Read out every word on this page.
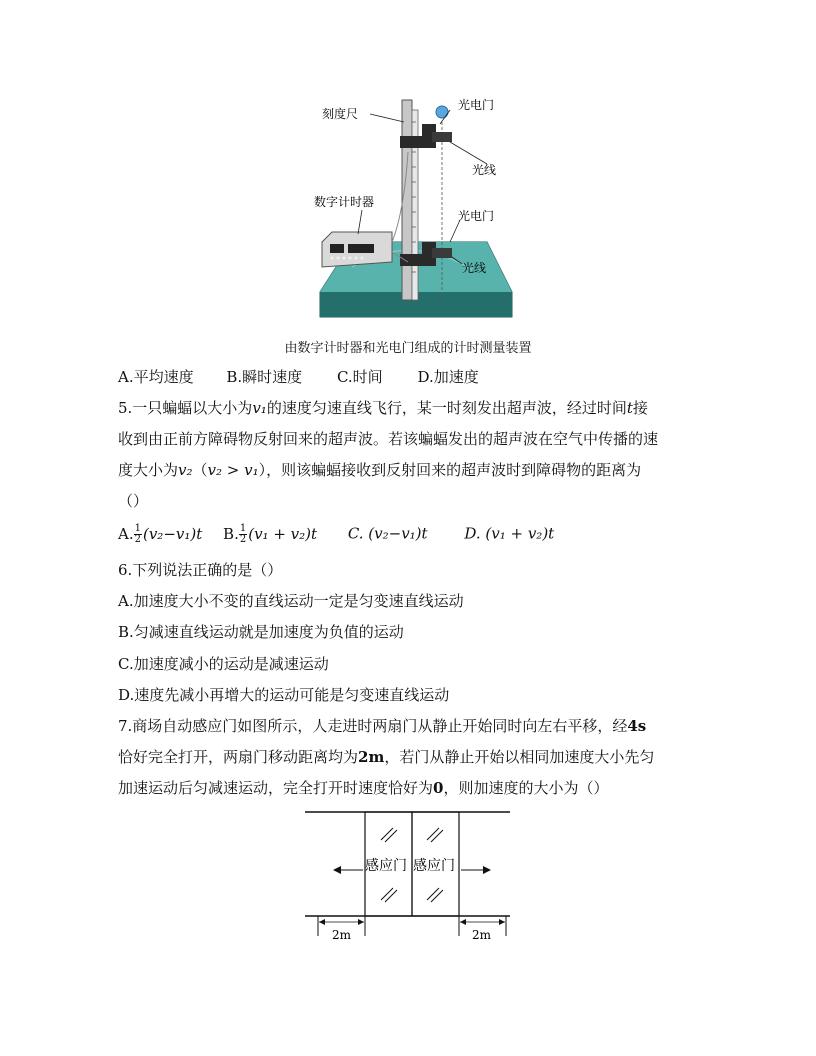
刻度尺
光电门
光线
数字计时器
光电门
光线
由数字计时器和光电门组成的计时测量装置
A.平均速度 B.瞬时速度 C.时间 D.加速度
5.一只蝙蝠以大小为v₁的速度匀速直线飞行，某一时刻发出超声波，经过时间t接
收到由正前方障碍物反射回来的超声波。若该蝙蝠发出的超声波在空气中传播的速
度大小为v₂（v₂ > v₁），则该蝙蝠接收到反射回来的超声波时到障碍物的距离为
（）
A. $\frac{1}{2} (v_2-v_1)t$ B. $\frac{1}{2} (v_1 + v_2)t$ C. (v₂−v₁)t D. (v₁ + v₂)t
6.下列说法正确的是（）
A.加速度大小不变的直线运动一定是匀变速直线运动
B.匀减速直线运动就是加速度为负值的运动
C.加速度减小的运动是减速运动
D.速度先减小再增大的运动可能是匀变速直线运动
7.商场自动感应门如图所示，人走进时两扇门从静止开始同时向左右平移，经4s
恰好完全打开，两扇门移动距离均为2m，若门从静止开始以相同加速度大小先匀
加速运动后匀减速运动，完全打开时速度恰好为0，则加速度的大小为（）
感应门 感应门
2m	2m
